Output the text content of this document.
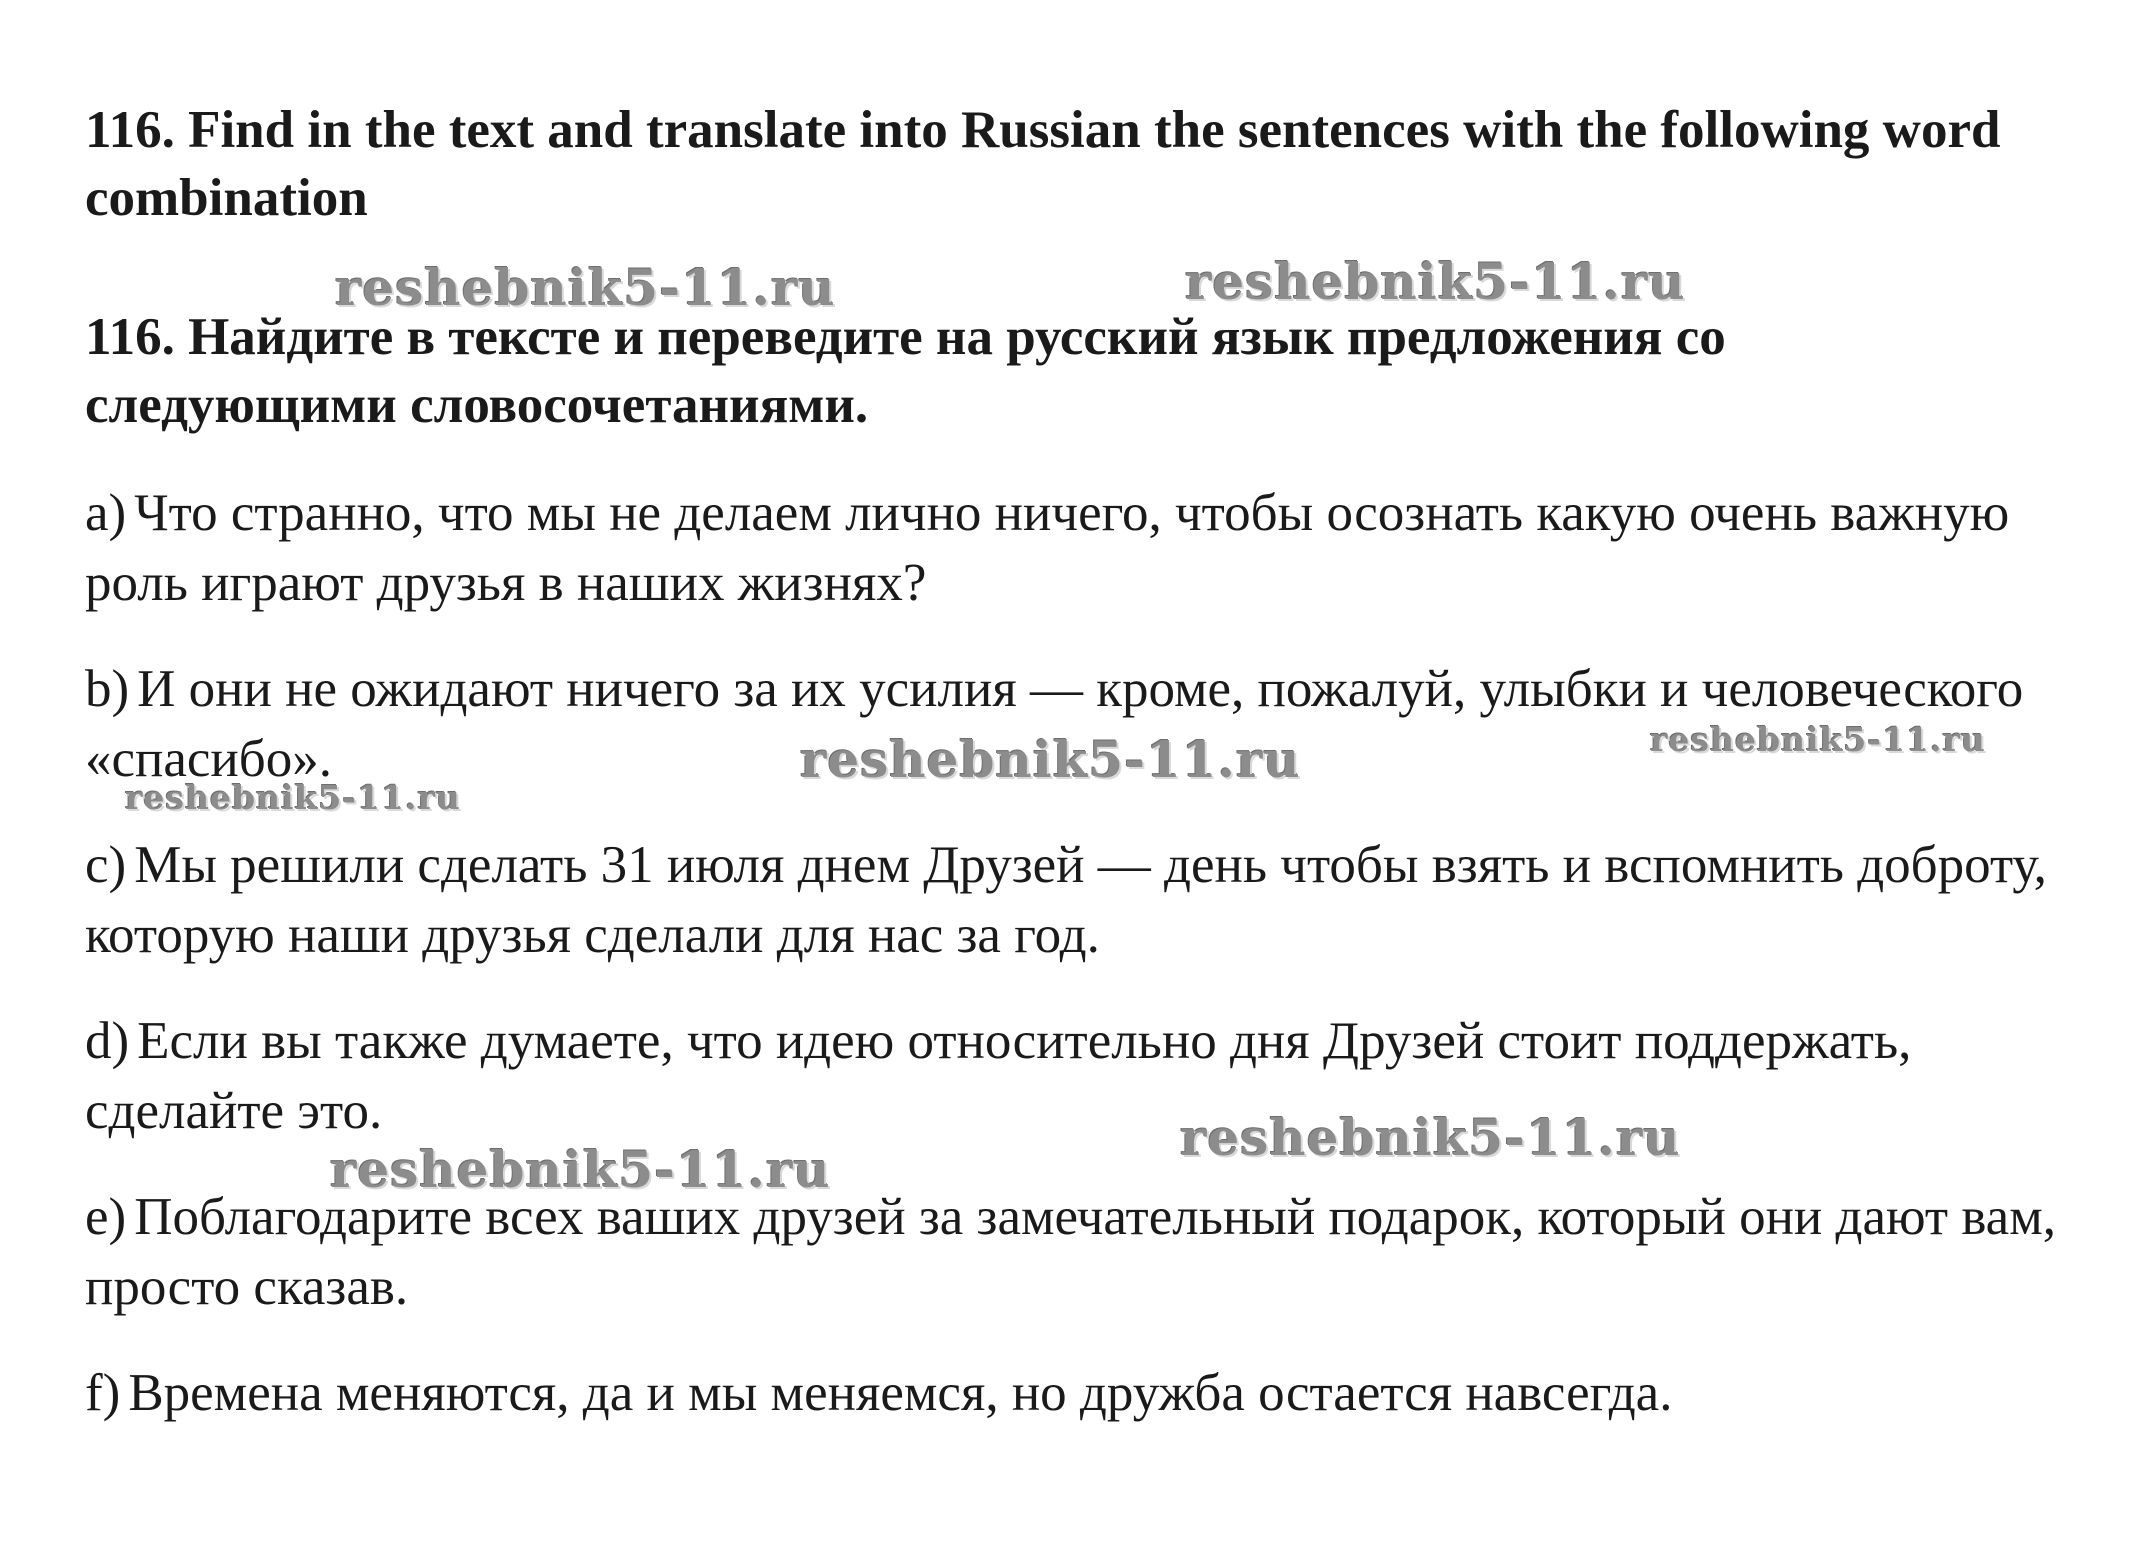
116. Find in the text and translate into Russian the sentences with the following word combination
116. Найдите в тексте и переведите на русский язык предложения со следующими словосочетаниями.

a) Что странно, что мы не делаем лично ничего, чтобы осознать какую очень важную роль играют друзья в наших жизнях?

b) И они не ожидают ничего за их усилия — кроме, пожалуй, улыбки и человеческого «спасибо».

c) Мы решили сделать 31 июля днем Друзей — день чтобы взять и вспомнить доброту, которую наши друзья сделали для нас за год.

d) Если вы также думаете, что идею относительно дня Друзей стоит поддержать, сделайте это.

e) Поблагодарите всех ваших друзей за замечательный подарок, который они дают вам, просто сказав.

f) Времена меняются, да и мы меняемся, но дружба остается навсегда.

reshebnik5-11.ru	reshebnik5-11.ru
reshebnik5-11.ru	reshebnik5-11.ru
reshebnik5-11.ru
reshebnik5-11.ru
reshebnik5-11.ru
